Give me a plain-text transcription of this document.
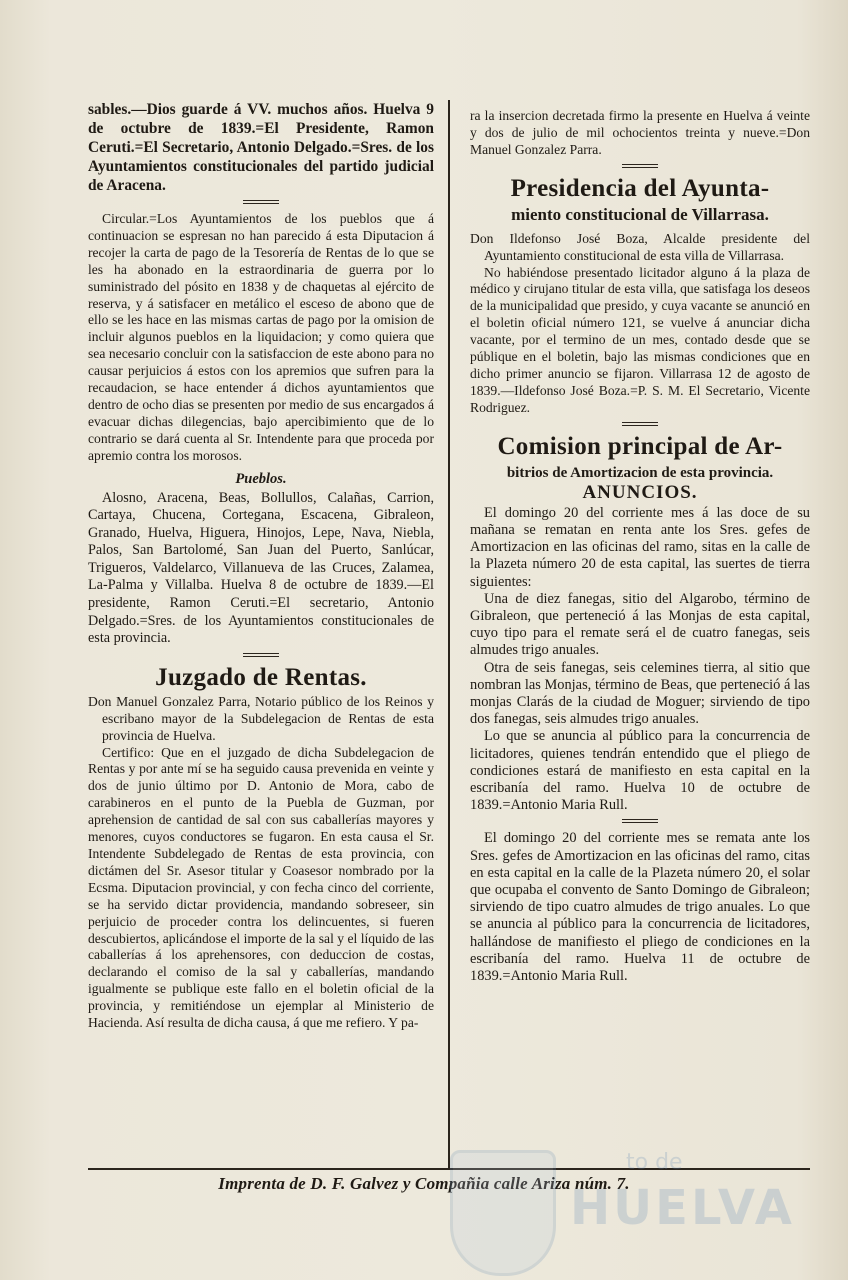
sables.—Dios guarde á VV. muchos años. Huelva 9 de octubre de 1839.=El Presidente, Ramon Ceruti.=El Secretario, Antonio Delgado.=Sres. de los Ayuntamientos constitucionales del partido judicial de Aracena.

Circular.=Los Ayuntamientos de los pueblos que á continuacion se espresan no han parecido á esta Diputacion á recojer la carta de pago de la Tesorería de Rentas de lo que se les ha abonado en la estraordinaria de guerra por lo suministrado del pósito en 1838 y de chaquetas al ejército de reserva, y á satisfacer en metálico el esceso de abono que de ello se les hace en las mismas cartas de pago por la omision de incluir algunos pueblos en la liquidacion; y como quiera que sea necesario concluir con la satisfaccion de este abono para no causar perjuicios á estos con los apremios que sufren para la recaudacion, se hace entender á dichos ayuntamientos que dentro de ocho dias se presenten por medio de sus encargados á evacuar dichas dilegencias, bajo apercibimiento que de lo contrario se dará cuenta al Sr. Intendente para que proceda por apremio contra los morosos.

Pueblos.

Alosno, Aracena, Beas, Bollullos, Calañas, Carrion, Cartaya, Chucena, Cortegana, Escacena, Gibraleon, Granado, Huelva, Higuera, Hinojos, Lepe, Nava, Niebla, Palos, San Bartolomé, San Juan del Puerto, Sanlúcar, Trigueros, Valdelarco, Villanueva de las Cruces, Zalamea, La-Palma y Villalba. Huelva 8 de octubre de 1839.—El presidente, Ramon Ceruti.=El secretario, Antonio Delgado.=Sres. de los Ayuntamientos constitucionales de esta provincia.

Juzgado de Rentas.

Don Manuel Gonzalez Parra, Notario público de los Reinos y escribano mayor de la Subdelegacion de Rentas de esta provincia de Huelva.

Certifico: Que en el juzgado de dicha Subdelegacion de Rentas y por ante mí se ha seguido causa prevenida en veinte y dos de junio último por D. Antonio de Mora, cabo de carabineros en el punto de la Puebla de Guzman, por aprehension de cantidad de sal con sus caballerías mayores y menores, cuyos conductores se fugaron. En esta causa el Sr. Intendente Subdelegado de Rentas de esta provincia, con dictámen del Sr. Asesor titular y Coasesor nombrado por la Ecsma. Diputacion provincial, y con fecha cinco del corriente, se ha servido dictar providencia, mandando sobreseer, sin perjuicio de proceder contra los delincuentes, si fueren descubiertos, aplicándose el importe de la sal y el líquido de las caballerías á los aprehensores, con deduccion de costas, declarando el comiso de la sal y caballerías, mandando igualmente se publique este fallo en el boletin oficial de la provincia, y remitiéndose un ejemplar al Ministerio de Hacienda. Así resulta de dicha causa, á que me refiero. Y pa-

ra la insercion decretada firmo la presente en Huelva á veinte y dos de julio de mil ochocientos treinta y nueve.=Don Manuel Gonzalez Parra.

Presidencia del Ayunta-

miento constitucional de Villarrasa.

Don Ildefonso José Boza, Alcalde presidente del Ayuntamiento constitucional de esta villa de Villarrasa.

No habiéndose presentado licitador alguno á la plaza de médico y cirujano titular de esta villa, que satisfaga los deseos de la municipalidad que presido, y cuya vacante se anunció en el boletin oficial número 121, se vuelve á anunciar dicha vacante, por el termino de un mes, contado desde que se públique en el boletin, bajo las mismas condiciones que en dicho primer anuncio se fijaron. Villarrasa 12 de agosto de 1839.—Ildefonso José Boza.=P. S. M. El Secretario, Vicente Rodriguez.

Comision principal de Ar-

bitrios de Amortizacion de esta provincia.

ANUNCIOS.

El domingo 20 del corriente mes á las doce de su mañana se rematan en renta ante los Sres. gefes de Amortizacion en las oficinas del ramo, sitas en la calle de la Plazeta número 20 de esta capital, las suertes de tierra siguientes:

Una de diez fanegas, sitio del Algarobo, término de Gibraleon, que perteneció á las Monjas de esta capital, cuyo tipo para el remate será el de cuatro fanegas, seis almudes trigo anuales.

Otra de seis fanegas, seis celemines tierra, al sitio que nombran las Monjas, término de Beas, que perteneció á las monjas Clarás de la ciudad de Moguer; sirviendo de tipo dos fanegas, seis almudes trigo anuales.

Lo que se anuncia al público para la concurrencia de licitadores, quienes tendrán entendido que el pliego de condiciones estará de manifiesto en esta capital en la escribanía del ramo. Huelva 10 de octubre de 1839.=Antonio Maria Rull.

El domingo 20 del corriente mes se remata ante los Sres. gefes de Amortizacion en las oficinas del ramo, citas en esta capital en la calle de la Plazeta número 20, el solar que ocupaba el convento de Santo Domingo de Gibraleon; sirviendo de tipo cuatro almudes de trigo anuales. Lo que se anuncia al público para la concurrencia de licitadores, hallándose de manifiesto el pliego de condiciones en la escribanía del ramo. Huelva 11 de octubre de 1839.=Antonio Maria Rull.

Imprenta de D. F. Galvez y Compañia calle Ariza núm. 7.
to de
HUELVA
